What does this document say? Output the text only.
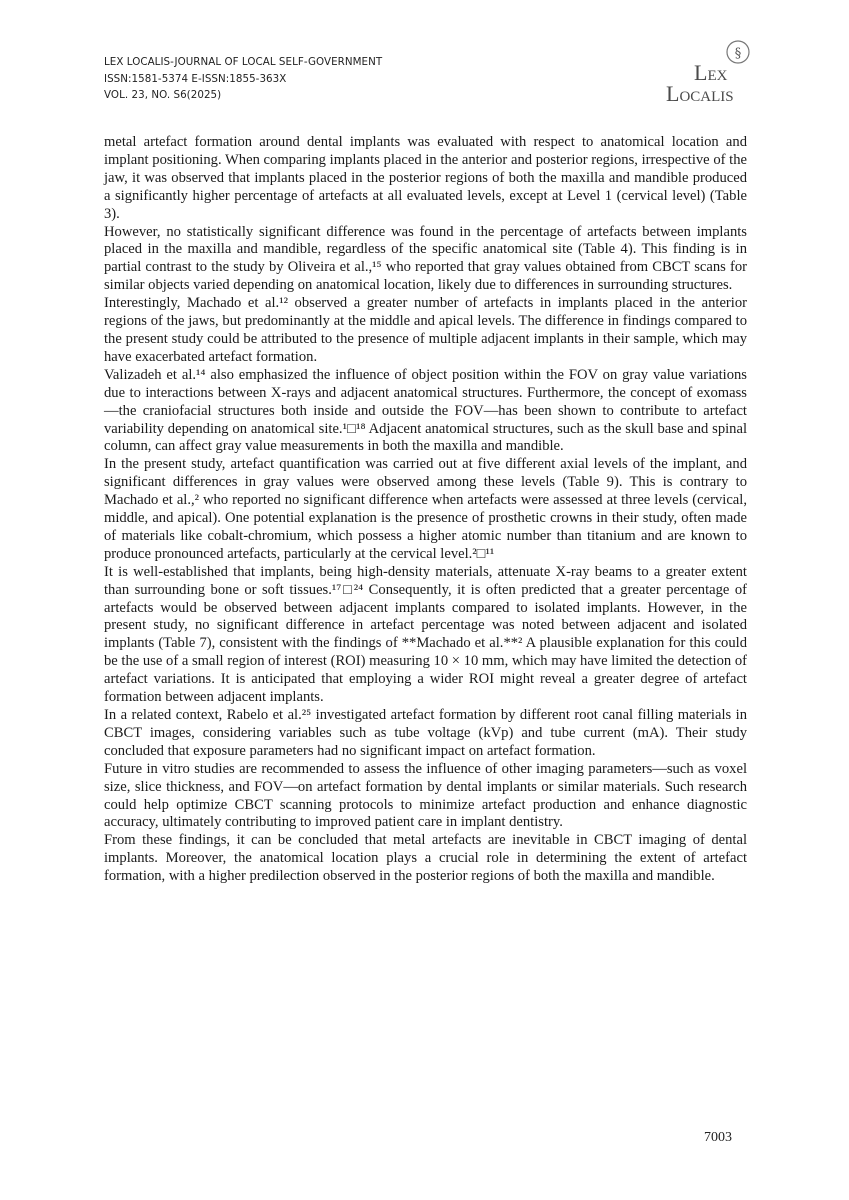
LEX LOCALIS-JOURNAL OF LOCAL SELF-GOVERNMENT
ISSN:1581-5374 E-ISSN:1855-363X
VOL. 23, NO. S6(2025)
§
Lex
Localis

metal artefact formation around dental implants was evaluated with respect to anatomical location and implant positioning. When comparing implants placed in the anterior and posterior regions, irrespective of the jaw, it was observed that implants placed in the posterior regions of both the maxilla and mandible produced a significantly higher percentage of artefacts at all evaluated levels, except at Level 1 (cervical level) (Table 3).

However, no statistically significant difference was found in the percentage of artefacts between implants placed in the maxilla and mandible, regardless of the specific anatomical site (Table 4). This finding is in partial contrast to the study by Oliveira et al.,¹⁵ who reported that gray values obtained from CBCT scans for similar objects varied depending on anatomical location, likely due to differences in surrounding structures.

Interestingly, Machado et al.¹² observed a greater number of artefacts in implants placed in the anterior regions of the jaws, but predominantly at the middle and apical levels. The difference in findings compared to the present study could be attributed to the presence of multiple adjacent implants in their sample, which may have exacerbated artefact formation.

Valizadeh et al.¹⁴ also emphasized the influence of object position within the FOV on gray value variations due to interactions between X-rays and adjacent anatomical structures. Furthermore, the concept of exomass—the craniofacial structures both inside and outside the FOV—has been shown to contribute to artefact variability depending on anatomical site.¹□¹⁸ Adjacent anatomical structures, such as the skull base and spinal column, can affect gray value measurements in both the maxilla and mandible.

In the present study, artefact quantification was carried out at five different axial levels of the implant, and significant differences in gray values were observed among these levels (Table 9). This is contrary to Machado et al.,² who reported no significant difference when artefacts were assessed at three levels (cervical, middle, and apical). One potential explanation is the presence of prosthetic crowns in their study, often made of materials like cobalt-chromium, which possess a higher atomic number than titanium and are known to produce pronounced artefacts, particularly at the cervical level.²□¹¹

It is well-established that implants, being high-density materials, attenuate X-ray beams to a greater extent than surrounding bone or soft tissues.¹⁷□²⁴ Consequently, it is often predicted that a greater percentage of artefacts would be observed between adjacent implants compared to isolated implants. However, in the present study, no significant difference in artefact percentage was noted between adjacent and isolated implants (Table 7), consistent with the findings of **Machado et al.**² A plausible explanation for this could be the use of a small region of interest (ROI) measuring 10 × 10 mm, which may have limited the detection of artefact variations. It is anticipated that employing a wider ROI might reveal a greater degree of artefact formation between adjacent implants.

In a related context, Rabelo et al.²⁵ investigated artefact formation by different root canal filling materials in CBCT images, considering variables such as tube voltage (kVp) and tube current (mA). Their study concluded that exposure parameters had no significant impact on artefact formation.

Future in vitro studies are recommended to assess the influence of other imaging parameters—such as voxel size, slice thickness, and FOV—on artefact formation by dental implants or similar materials. Such research could help optimize CBCT scanning protocols to minimize artefact production and enhance diagnostic accuracy, ultimately contributing to improved patient care in implant dentistry.

From these findings, it can be concluded that metal artefacts are inevitable in CBCT imaging of dental implants. Moreover, the anatomical location plays a crucial role in determining the extent of artefact formation, with a higher predilection observed in the posterior regions of both the maxilla and mandible.

7003
